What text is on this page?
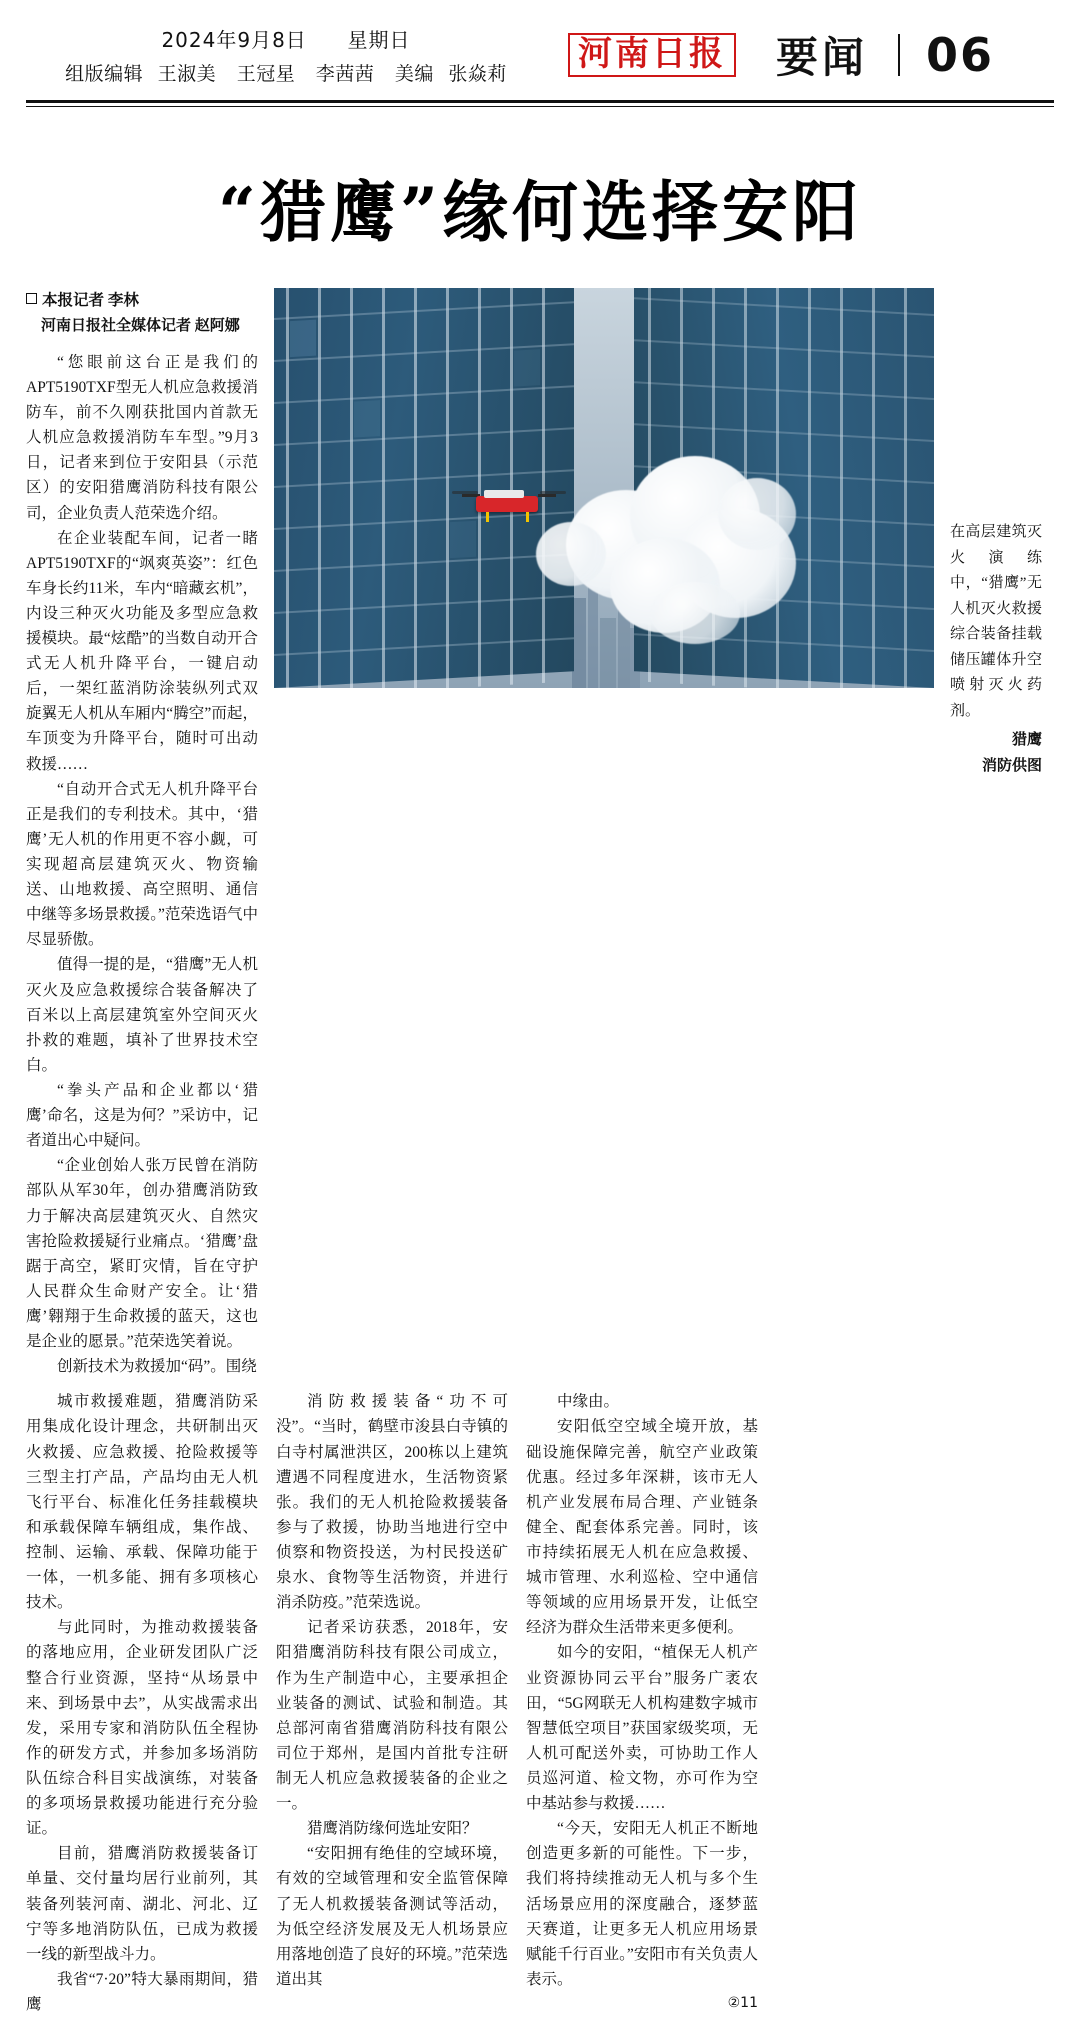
2024年9月8日 星期日
组版编辑 王淑美 王冠星 李茜茜 美编 张焱莉	河南日报 要闻 06
“猎鹰”缘何选择安阳
本报记者 李林
河南日报社全媒体记者 赵阿娜

“您眼前这台正是我们的APT5190TXF型无人机应急救援消防车，前不久刚获批国内首款无人机应急救援消防车车型。”9月3日，记者来到位于安阳县（示范区）的安阳猎鹰消防科技有限公司，企业负责人范荣选介绍。

在企业装配车间，记者一睹APT5190TXF的“飒爽英姿”：红色车身长约11米，车内“暗藏玄机”，内设三种灭火功能及多型应急救援模块。最“炫酷”的当数自动开合式无人机升降平台，一键启动后，一架红蓝消防涂装纵列式双旋翼无人机从车厢内“腾空”而起，车顶变为升降平台，随时可出动救援……

“自动开合式无人机升降平台正是我们的专利技术。其中，‘猎鹰’无人机的作用更不容小觑，可实现超高层建筑灭火、物资输送、山地救援、高空照明、通信中继等多场景救援。”范荣选语气中尽显骄傲。

值得一提的是，“猎鹰”无人机灭火及应急救援综合装备解决了百米以上高层建筑室外空间灭火扑救的难题，填补了世界技术空白。

“拳头产品和企业都以‘猎鹰’命名，这是为何？”采访中，记者道出心中疑问。

“企业创始人张万民曾在消防部队从军30年，创办猎鹰消防致力于解决高层建筑灭火、自然灾害抢险救援疑行业痛点。‘猎鹰’盘踞于高空，紧盯灾情，旨在守护人民群众生命财产安全。让‘猎鹰’翱翔于生命救援的蓝天，这也是企业的愿景。”范荣选笑着说。

创新技术为救援加“码”。围绕

在高层建筑灭火演练中，“猎鹰”无人机灭火救援综合装备挂载储压罐体升空喷射灭火药剂。
猎鹰
消防供图

城市救援难题，猎鹰消防采用集成化设计理念，共研制出灭火救援、应急救援、抢险救援等三型主打产品，产品均由无人机飞行平台、标准化任务挂载模块和承载保障车辆组成，集作战、控制、运输、承载、保障功能于一体，一机多能、拥有多项核心技术。

与此同时，为推动救援装备的落地应用，企业研发团队广泛整合行业资源，坚持“从场景中来、到场景中去”，从实战需求出发，采用专家和消防队伍全程协作的研发方式，并参加多场消防队伍综合科目实战演练，对装备的多项场景救援功能进行充分验证。

目前，猎鹰消防救援装备订单量、交付量均居行业前列，其装备列装河南、湖北、河北、辽宁等多地消防队伍，已成为救援一线的新型战斗力。

我省“7·20”特大暴雨期间，猎鹰

消防救援装备“功不可没”。“当时，鹤壁市浚县白寺镇的白寺村属泄洪区，200栋以上建筑遭遇不同程度进水，生活物资紧张。我们的无人机抢险救援装备参与了救援，协助当地进行空中侦察和物资投送，为村民投送矿泉水、食物等生活物资，并进行消杀防疫。”范荣选说。

记者采访获悉，2018年，安阳猎鹰消防科技有限公司成立，作为生产制造中心，主要承担企业装备的测试、试验和制造。其总部河南省猎鹰消防科技有限公司位于郑州，是国内首批专注研制无人机应急救援装备的企业之一。

猎鹰消防缘何选址安阳？

“安阳拥有绝佳的空域环境，有效的空域管理和安全监管保障了无人机救援装备测试等活动，为低空经济发展及无人机场景应用落地创造了良好的环境。”范荣选道出其

中缘由。

安阳低空空域全境开放，基础设施保障完善，航空产业政策优惠。经过多年深耕，该市无人机产业发展布局合理、产业链条健全、配套体系完善。同时，该市持续拓展无人机在应急救援、城市管理、水利巡检、空中通信等领域的应用场景开发，让低空经济为群众生活带来更多便利。

如今的安阳，“植保无人机产业资源协同云平台”服务广袤农田，“5G网联无人机构建数字城市智慧低空项目”获国家级奖项，无人机可配送外卖，可协助工作人员巡河道、检文物，亦可作为空中基站参与救援……

“今天，安阳无人机正不断地创造更多新的可能性。下一步，我们将持续推动无人机与多个生活场景应用的深度融合，逐梦蓝天赛道，让更多无人机应用场景赋能千行百业。”安阳市有关负责人表示。

②11
